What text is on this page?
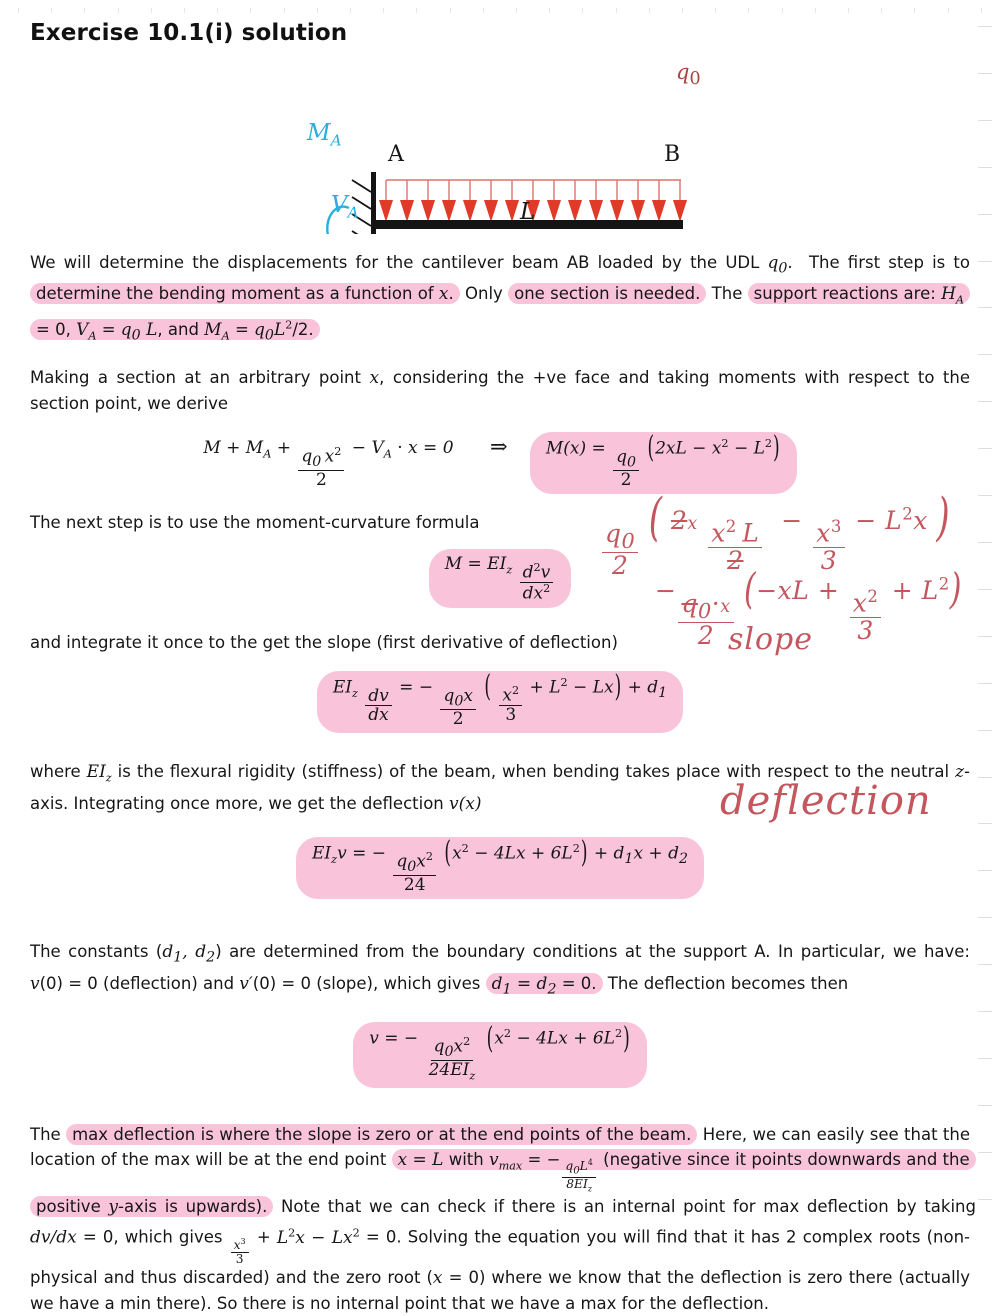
Exercise 10.1(i) solution
$q_0$
A	B
$M_A$
$V_A$	L

We will determine the displacements for the cantilever beam AB loaded by the UDL $q_0$.  The first step is to determine the bending moment as a function of x. Only one section is needed. The support reactions are: $H_A = 0$, $V_A = q_0$ L, and $M_A = q_0L^2/2$.

Making a section at an arbitrary point x, considering the +ve face and taking moments with respect to the section point, we derive

$M + M_A + \frac{q_0 x^2}{2} - V_A \cdot x = 0$  ⇒  $M(x) = \frac{q_0}{2} (2xL - x^2 - L^2)$

The next step is to use the moment-curvature formula

$M = EI_z \frac{d^2v}{dx^2}$

and integrate it once to the get the slope (first derivative of deflection)

$EI_z \frac{dv}{dx}$ = − $\frac{q_0x}{2}$ ( $\frac{x^2}{3} + L^2 - Lx) + d_1$

where $EI_z$ is the flexural rigidity (stiffness) of the beam, when bending takes place with respect to the neutral z-axis. Integrating once more, we get the deflection v(x)

$EI_zv$ = − $\frac{q_0x^2}{24} (x^2 - 4Lx + 6L^2) + d_1x + d_2$

The constants ($d_1$, $d_2$) are determined from the boundary conditions at the support A. In particular, we have: v(0) = 0 (deflection) and v′(0) = 0 (slope), which gives $d_1 = d_2 = 0$. The deflection becomes then

v = − $\frac{q_0x^2}{24EI_z} (x^2 - 4Lx + 6L^2)$

The max deflection is where the slope is zero or at the end points of the beam. Here, we can easily see that the location of the max will be at the end point x = L with $v_{max}$ = − $\frac{q_0L^4}{8EI_z}$ (negative since it points downwards and the positive y-axis is upwards). Note that we can check if there is an internal point for max deflection by taking dv/dx = 0, which gives $\frac{x^3}{3} + L^2x - Lx^2 = 0$. Solving the equation you will find that it has 2 complex roots (non-physical and thus discarded) and the zero root (x = 0) where we know that the deflection is zero there (actually we have a min there). So there is no internal point that we have a max for the deflection.

$\frac{q_0}{2}$
( $2x \frac{x^2 L}{2} - \frac{x^3}{3} - L^2x$ )
− $\frac{q_0\cdot x}{2}$
$(-xL + \frac{x^2}{3} + L^2)$
slope
deflection
